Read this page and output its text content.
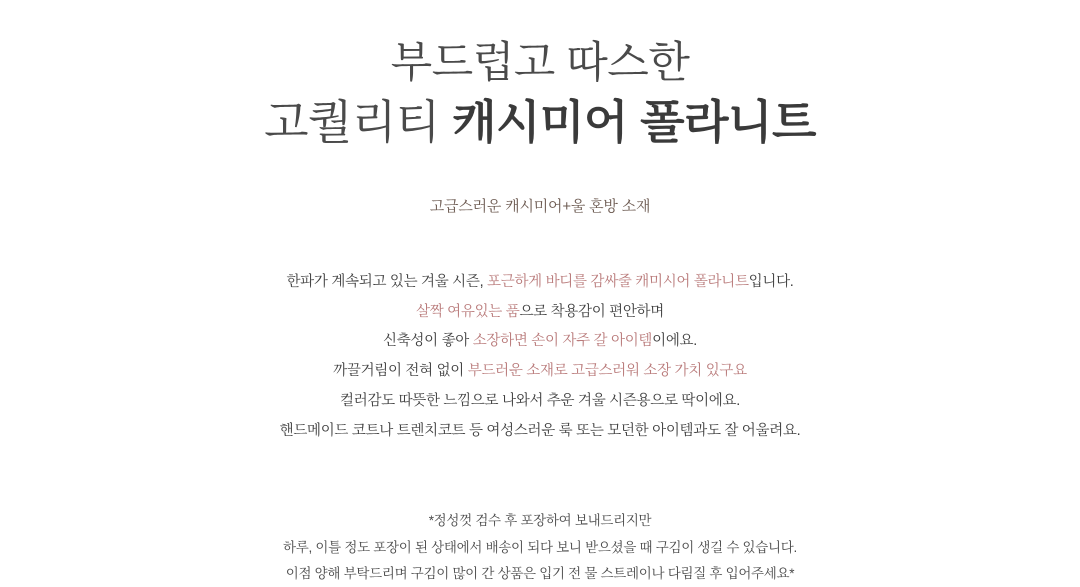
부드럽고 따스한
고퀄리티 캐시미어 폴라니트
고급스러운 캐시미어+울 혼방 소재
한파가 계속되고 있는 겨울 시즌, 포근하게 바디를 감싸줄 캐미시어 폴라니트입니다.
살짝 여유있는 품으로 착용감이 편안하며
신축성이 좋아 소장하면 손이 자주 갈 아이템이에요.
까끌거림이 전혀 없이 부드러운 소재로 고급스러워 소장 가치 있구요
컬러감도 따뜻한 느낌으로 나와서 추운 겨울 시즌용으로 딱이에요.
핸드메이드 코트나 트렌치코트 등 여성스러운 룩 또는 모던한 아이템과도 잘 어울려요.
*정성껏 검수 후 포장하여 보내드리지만
하루, 이틀 정도 포장이 된 상태에서 배송이 되다 보니 받으셨을 때 구김이 생길 수 있습니다.
이점 양해 부탁드리며 구김이 많이 간 상품은 입기 전 물 스트레이나 다림질 후 입어주세요*
